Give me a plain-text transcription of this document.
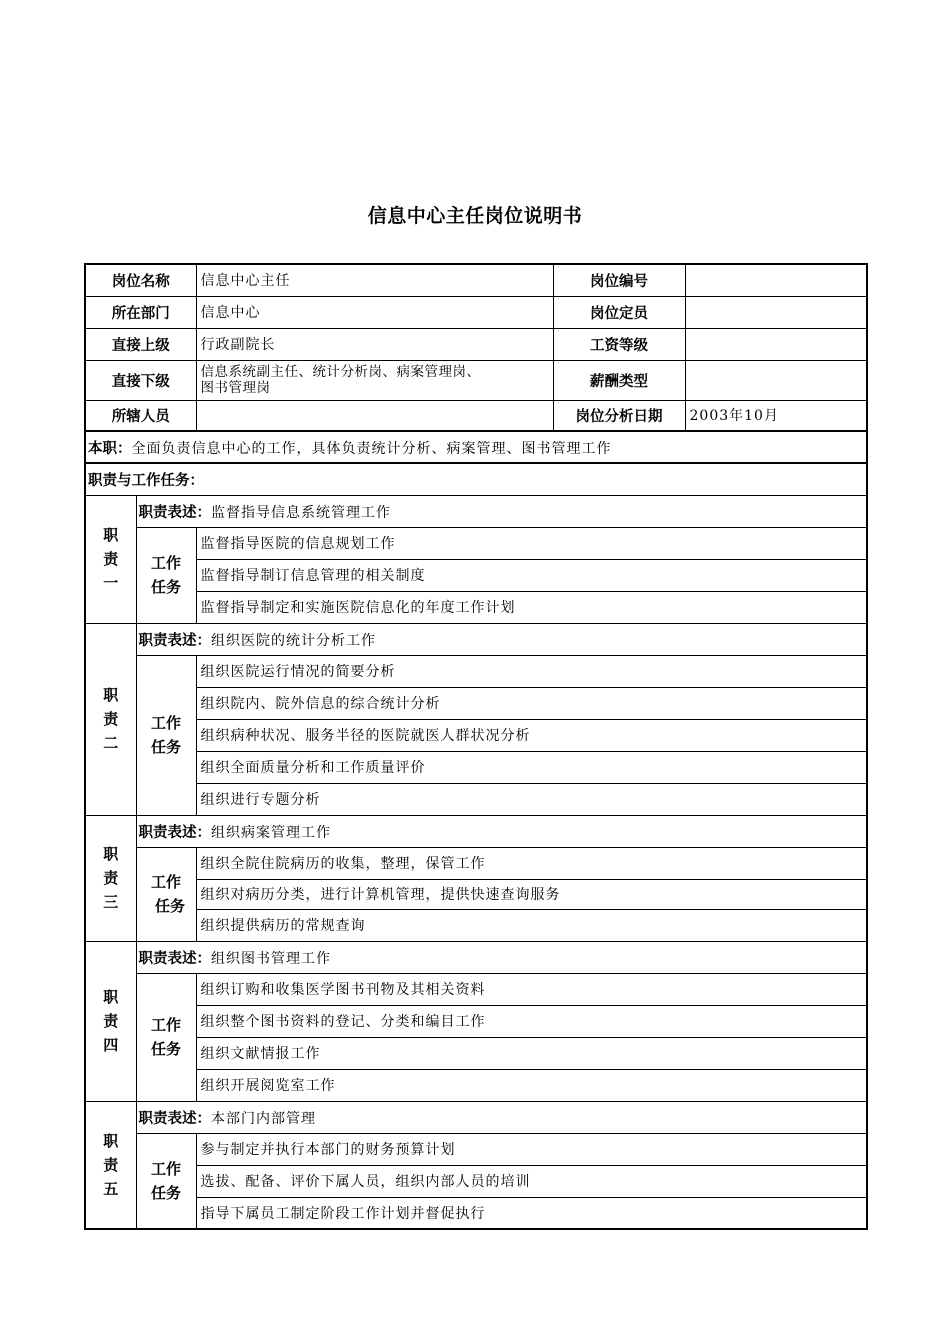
信息中心主任岗位说明书
岗位名称		信息中心主任	岗位编号	
所在部门		信息中心	岗位定员	
直接上级		行政副院长	工资等级	
直接下级		信息系统副主任、统计分析岗、病案管理岗、
图书管理岗	薪酬类型	
所辖人员			岗位分析日期	2003年10月
本职：全面负责信息中心的工作，具体负责统计分析、病案管理、图书管理工作				
职责与工作任务：				

职
责
一	职责表述：监督指导信息系统管理工作			

	工作
任务	监督指导医院的信息规划工作		
		监督指导制订信息管理的相关制度		
		监督指导制定和实施医院信息化的年度工作计划		

职
责
二	职责表述：组织医院的统计分析工作			

	工作
任务	组织医院运行情况的简要分析		
		组织院内、院外信息的综合统计分析		
		组织病种状况、服务半径的医院就医人群状况分析		
		组织全面质量分析和工作质量评价		
		组织进行专题分析		

职
责
三	职责表述：组织病案管理工作			

	工作
任务	组织全院住院病历的收集，整理，保管工作		
		组织对病历分类，进行计算机管理，提供快速查询服务		
		组织提供病历的常规查询		

职
责
四	职责表述：组织图书管理工作			

	工作
任务	组织订购和收集医学图书刊物及其相关资料		
		组织整个图书资料的登记、分类和编目工作		
		组织文献情报工作		
		组织开展阅览室工作		

职
责
五	职责表述：本部门内部管理			

	工作
任务	参与制定并执行本部门的财务预算计划		
		选拔、配备、评价下属人员，组织内部人员的培训		
		指导下属员工制定阶段工作计划并督促执行		
